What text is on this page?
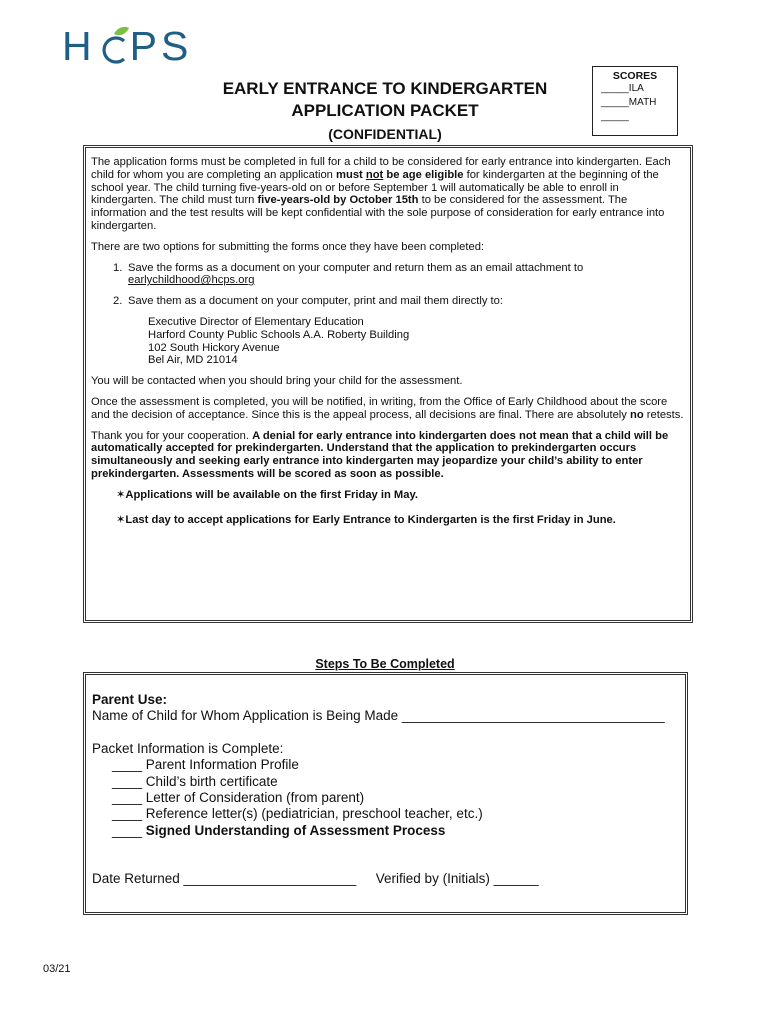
H PS
EARLY ENTRANCE TO KINDERGARTEN
APPLICATION PACKET
(CONFIDENTIAL)
SCORES
_____ILA
_____MATH
_____

The application forms must be completed in full for a child to be considered for early entrance into kindergarten. Each child for whom you are completing an application must not be age eligible for kindergarten at the beginning of the school year. The child turning five-years-old on or before September 1 will automatically be able to enroll in kindergarten. The child must turn five-years-old by October 15th to be considered for the assessment. The information and the test results will be kept confidential with the sole purpose of consideration for early entrance into kindergarten.

There are two options for submitting the forms once they have been completed:

1. Save the forms as a document on your computer and return them as an email attachment to
earlychildhood@hcps.org
2. Save them as a document on your computer, print and mail them directly to:
Executive Director of Elementary Education
Harford County Public Schools A.A. Roberty Building
102 South Hickory Avenue
Bel Air, MD 21014

You will be contacted when you should bring your child for the assessment.

Once the assessment is completed, you will be notified, in writing, from the Office of Early Childhood about the score and the decision of acceptance. Since this is the appeal process, all decisions are final. There are absolutely no retests.

Thank you for your cooperation. A denial for early entrance into kindergarten does not mean that a child will be automatically accepted for prekindergarten. Understand that the application to prekindergarten occurs simultaneously and seeking early entrance into kindergarten may jeopardize your child’s ability to enter prekindergarten. Assessments will be scored as soon as possible.

✶Applications will be available on the first Friday in May.
✶Last day to accept applications for Early Entrance to Kindergarten is the first Friday in June.
Steps To Be Completed
Parent Use:
Name of Child for Whom Application is Being Made ___________________________________
Packet Information is Complete:
____ Parent Information Profile
____ Child’s birth certificate
____ Letter of Consideration (from parent)
____ Reference letter(s) (pediatrician, preschool teacher, etc.)
____ Signed Understanding of Assessment Process
Date Returned _______________________ Verified by (Initials) ______
03/21
